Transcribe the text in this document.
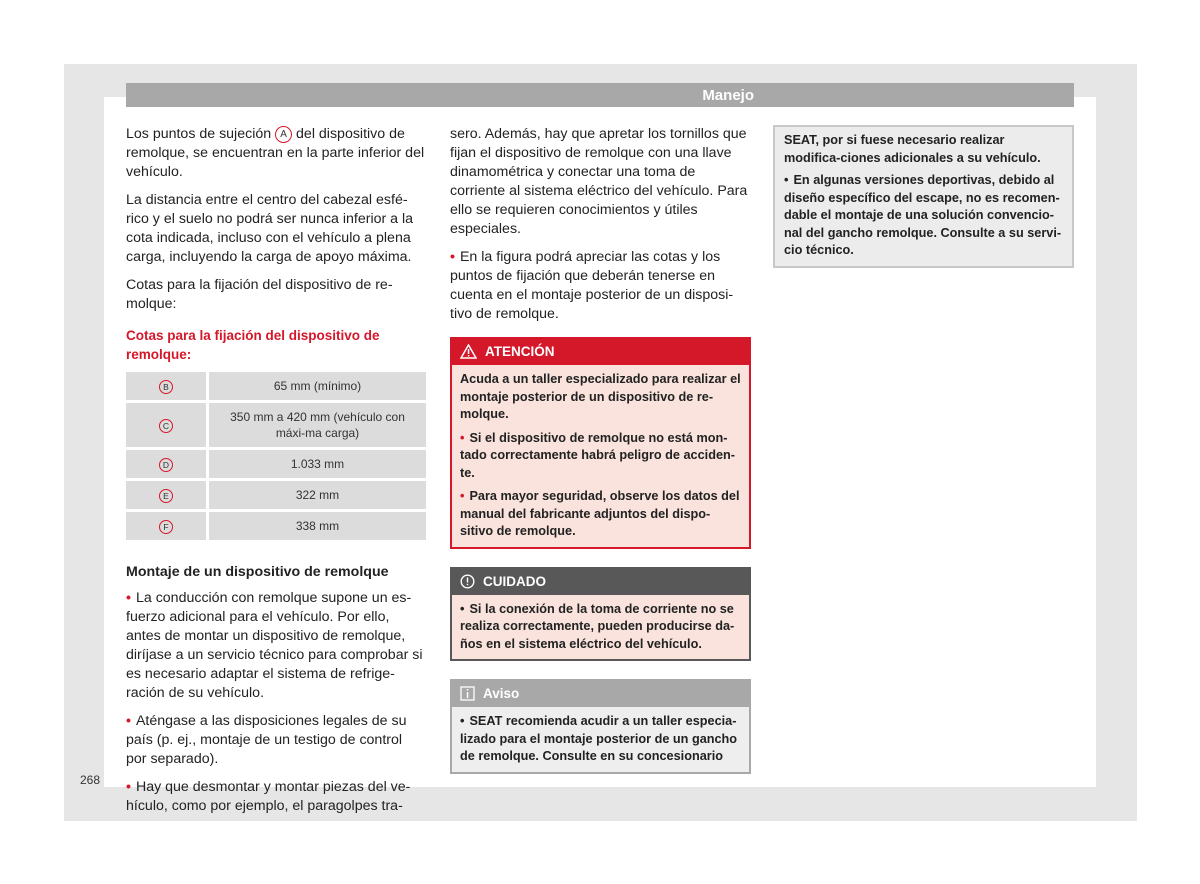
Manejo
268

Los puntos de sujeción A del dispositivo de remolque, se encuentran en la parte inferior del vehículo.

La distancia entre el centro del cabezal esfé-rico y el suelo no podrá ser nunca inferior a la cota indicada, incluso con el vehículo a plena carga, incluyendo la carga de apoyo máxima.

Cotas para la fijación del dispositivo de re-molque:

Cotas para la fijación del dispositivo de remolque:
B	65 mm (mínimo)
C	350 mm a 420 mm (vehículo con máxi-ma carga)
D	1.033 mm
E	322 mm
F	338 mm
Montaje de un dispositivo de remolque

• La conducción con remolque supone un es-fuerzo adicional para el vehículo. Por ello, antes de montar un dispositivo de remolque, diríjase a un servicio técnico para comprobar si es necesario adaptar el sistema de refrige-ración de su vehículo.

• Aténgase a las disposiciones legales de su país (p. ej., montaje de un testigo de control por separado).

• Hay que desmontar y montar piezas del ve-hículo, como por ejemplo, el paragolpes tra-

sero. Además, hay que apretar los tornillos que fijan el dispositivo de remolque con una llave dinamométrica y conectar una toma de corriente al sistema eléctrico del vehículo. Para ello se requieren conocimientos y útiles especiales.

• En la figura podrá apreciar las cotas y los puntos de fijación que deberán tenerse en cuenta en el montaje posterior de un disposi-tivo de remolque.

ATENCIÓN

Acuda a un taller especializado para realizar el montaje posterior de un dispositivo de re-molque.

• Si el dispositivo de remolque no está mon-tado correctamente habrá peligro de acciden-te.

• Para mayor seguridad, observe los datos del manual del fabricante adjuntos del dispo-sitivo de remolque.

CUIDADO

• Si la conexión de la toma de corriente no se realiza correctamente, pueden producirse da-ños en el sistema eléctrico del vehículo.

Aviso

• SEAT recomienda acudir a un taller especia-lizado para el montaje posterior de un gancho de remolque. Consulte en su concesionario

SEAT, por si fuese necesario realizar modifica-ciones adicionales a su vehículo.

• En algunas versiones deportivas, debido al diseño específico del escape, no es recomen-dable el montaje de una solución convencio-nal del gancho remolque. Consulte a su servi-cio técnico.
